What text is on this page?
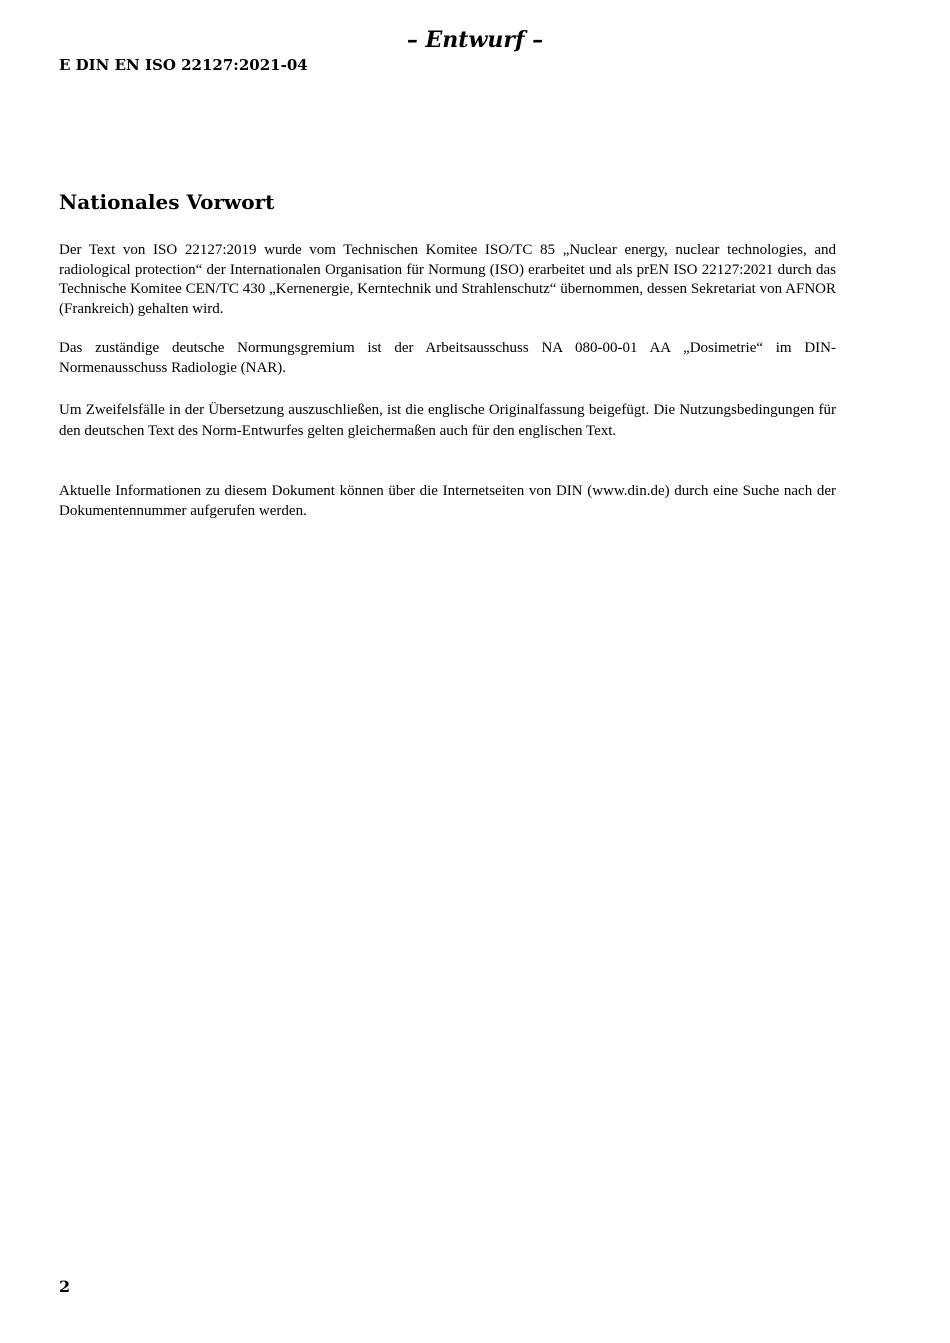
– Entwurf –
E DIN EN ISO 22127:2021-04
Nationales Vorwort

Der Text von ISO 22127:2019 wurde vom Technischen Komitee ISO/TC 85 „Nuclear energy, nuclear technologies, and radiological protection“ der Internationalen Organisation für Normung (ISO) erarbeitet und als prEN ISO 22127:2021 durch das Technische Komitee CEN/TC 430 „Kernenergie, Kerntechnik und Strahlenschutz“ übernommen, dessen Sekretariat von AFNOR (Frankreich) gehalten wird.

Das zuständige deutsche Normungsgremium ist der Arbeitsausschuss NA 080-00-01 AA „Dosimetrie“ im DIN-Normenausschuss Radiologie (NAR).

Um Zweifelsfälle in der Übersetzung auszuschließen, ist die englische Originalfassung beigefügt. Die Nutzungsbedingungen für den deutschen Text des Norm-Entwurfes gelten gleichermaßen auch für den englischen Text.

Aktuelle Informationen zu diesem Dokument können über die Internetseiten von DIN (www.din.de) durch eine Suche nach der Dokumentennummer aufgerufen werden.

2
